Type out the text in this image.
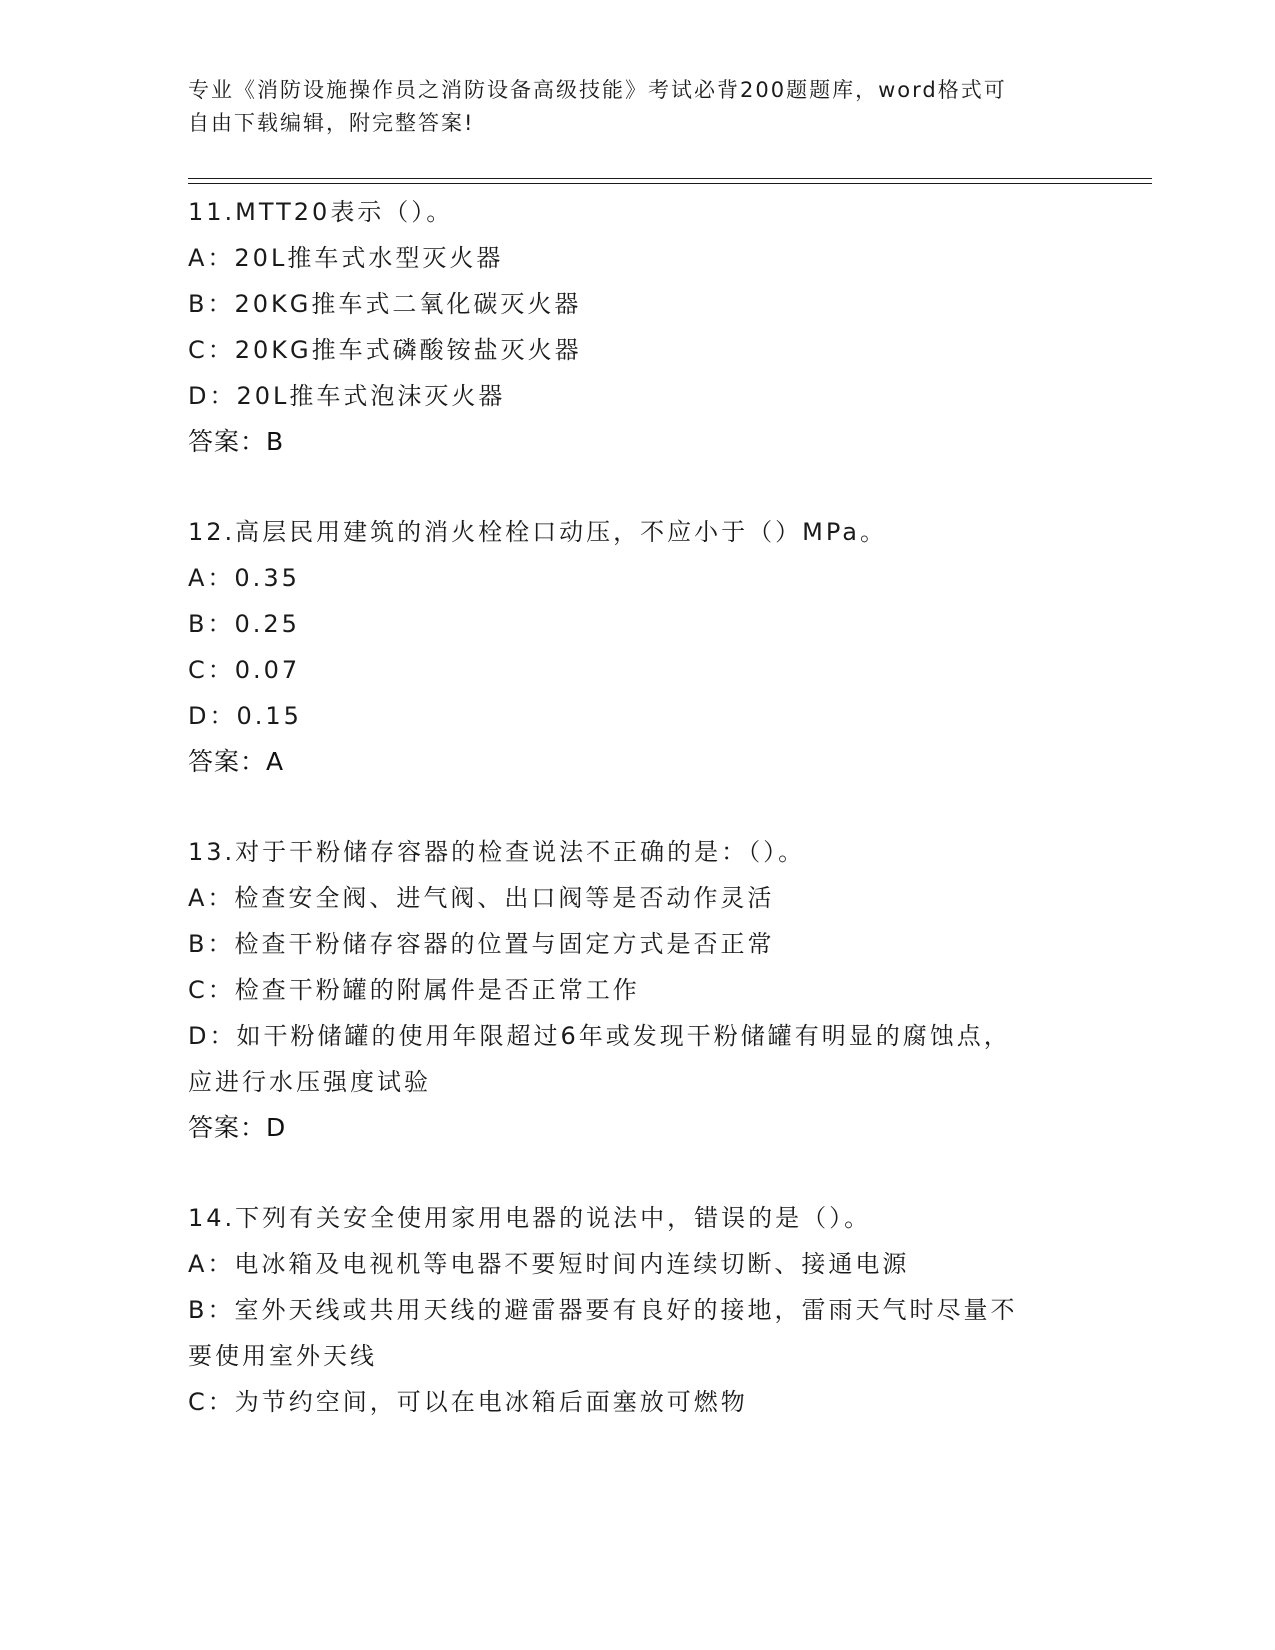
专业《消防设施操作员之消防设备高级技能》考试必背200题题库，word格式可
自由下载编辑，附完整答案!
11.MTT20表示（）。
A：20L推车式水型灭火器
B：20KG推车式二氧化碳灭火器
C：20KG推车式磷酸铵盐灭火器
D：20L推车式泡沫灭火器
答案：B
12.高层民用建筑的消火栓栓口动压，不应小于（）MPa。
A：0.35
B：0.25
C：0.07
D：0.15
答案：A
13.对于干粉储存容器的检查说法不正确的是：（）。
A：检查安全阀、进气阀、出口阀等是否动作灵活
B：检查干粉储存容器的位置与固定方式是否正常
C：检查干粉罐的附属件是否正常工作
D：如干粉储罐的使用年限超过6年或发现干粉储罐有明显的腐蚀点，
应进行水压强度试验
答案：D
14.下列有关安全使用家用电器的说法中，错误的是（）。
A：电冰箱及电视机等电器不要短时间内连续切断、接通电源
B：室外天线或共用天线的避雷器要有良好的接地，雷雨天气时尽量不
要使用室外天线
C：为节约空间，可以在电冰箱后面塞放可燃物
